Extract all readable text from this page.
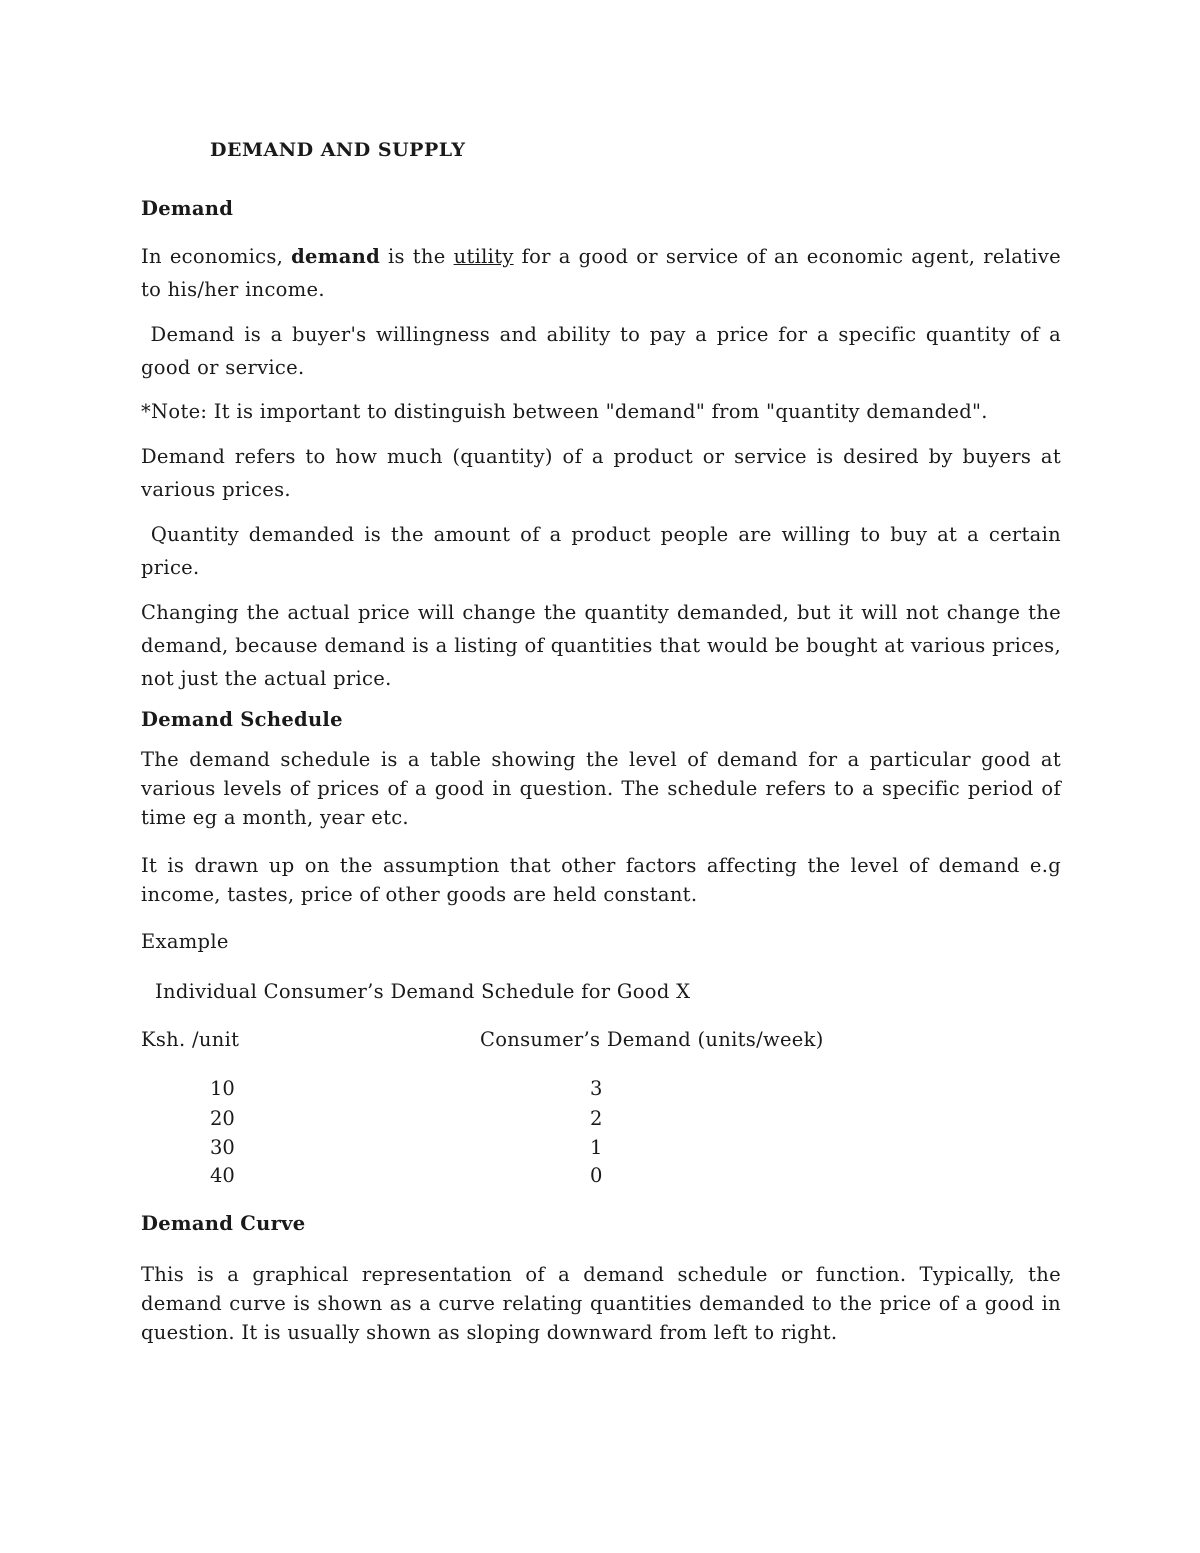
DEMAND AND SUPPLY

Demand

In economics, demand is the utility for a good or service of an economic agent, relative to his/her income.

Demand is a buyer's willingness and ability to pay a price for a specific quantity of a good or service.

*Note: It is important to distinguish between "demand" from "quantity demanded".

Demand refers to how much (quantity) of a product or service is desired by buyers at various prices.

Quantity demanded is the amount of a product people are willing to buy at a certain price.

Changing the actual price will change the quantity demanded, but it will not change the demand, because demand is a listing of quantities that would be bought at various prices, not just the actual price.

Demand Schedule

The demand schedule is a table showing the level of demand for a particular good at various levels of prices of a good in question. The schedule refers to a specific period of time eg a month, year etc.

It is drawn up on the assumption that other factors affecting the level of demand e.g income, tastes, price of other goods are held constant.

Example

Individual Consumer’s Demand Schedule for Good X

Ksh. /unit	Consumer’s Demand (units/week)

10	3

20	2

30	1

40	0

Demand Curve

This is a graphical representation of a demand schedule or function. Typically, the demand curve is shown as a curve relating quantities demanded to the price of a good in question. It is usually shown as sloping downward from left to right.
